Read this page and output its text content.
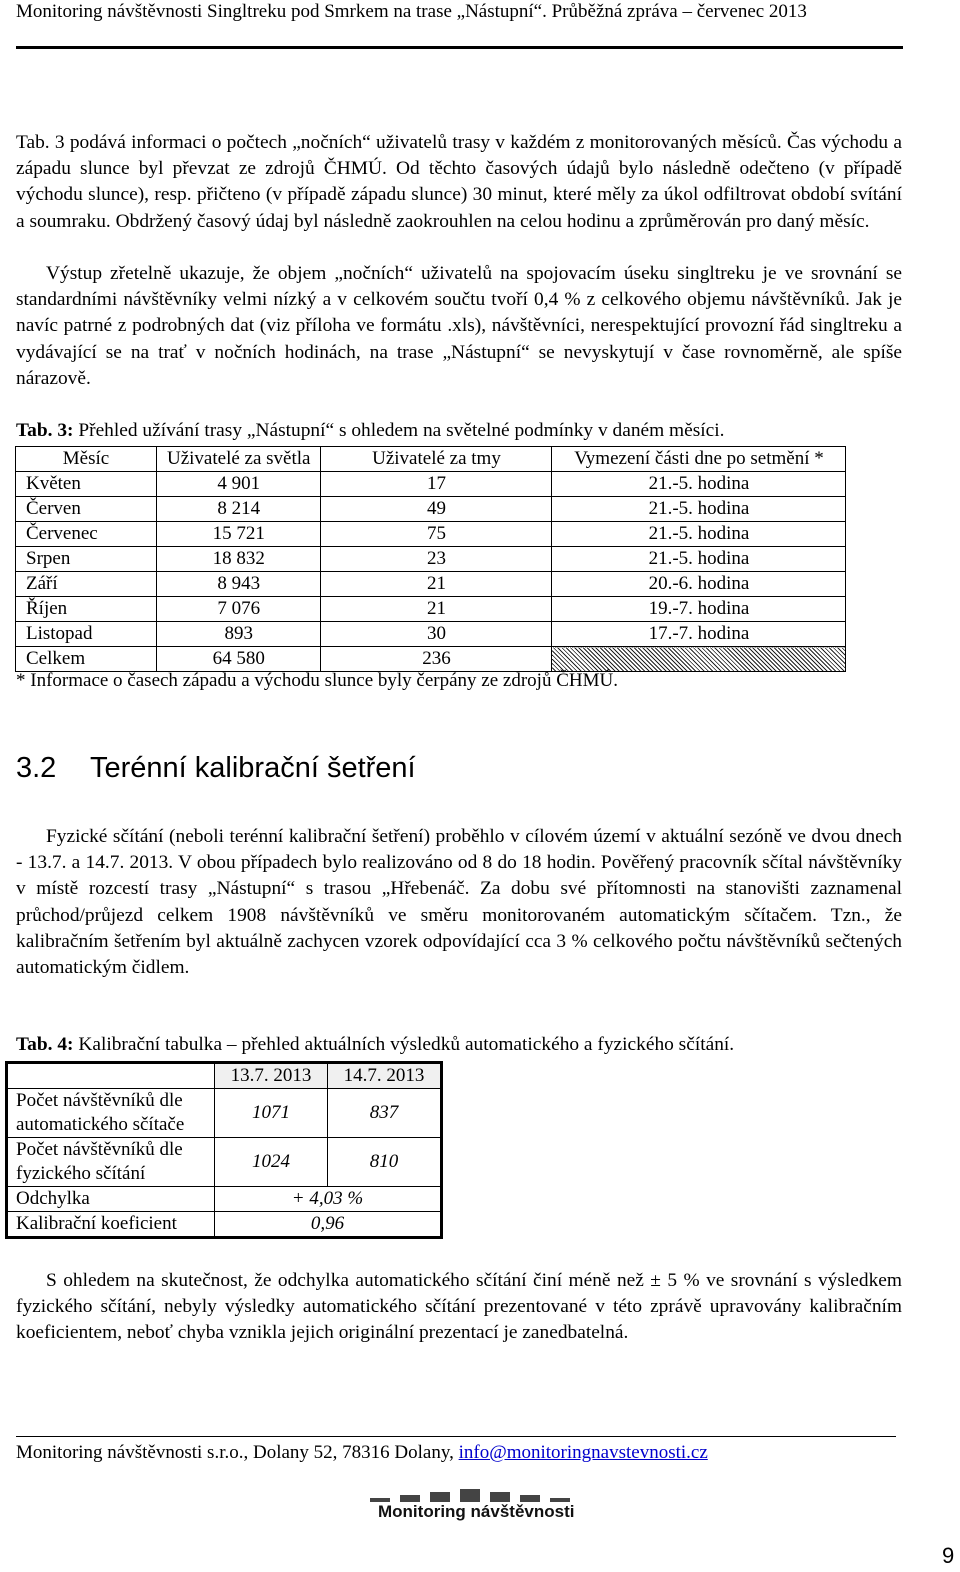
Monitoring návštěvnosti Singltreku pod Smrkem na trase „Nástupní“. Průběžná zpráva – červenec 2013
Tab. 3 podává informaci o počtech „nočních“ uživatelů trasy v každém z monitorovaných měsíců. Čas východu a západu slunce byl převzat ze zdrojů ČHMÚ. Od těchto časových údajů bylo následně odečteno (v případě východu slunce), resp. přičteno (v případě západu slunce) 30 minut, které měly za úkol odfiltrovat období svítání a soumraku. Obdržený časový údaj byl následně zaokrouhlen na celou hodinu a zprůměrován pro daný měsíc.
Výstup zřetelně ukazuje, že objem „nočních“ uživatelů na spojovacím úseku singltreku je ve srovnání se standardními návštěvníky velmi nízký a v celkovém součtu tvoří 0,4 % z celkového objemu návštěvníků. Jak je navíc patrné z podrobných dat (viz příloha ve formátu .xls), návštěvníci, nerespektující provozní řád singltreku a vydávající se na trať v nočních hodinách, na trase „Nástupní“ se nevyskytují v čase rovnoměrně, ale spíše nárazově.
Tab. 3: Přehled užívání trasy „Nástupní“ s ohledem na světelné podmínky v daném měsíci.
Měsíc	Uživatelé za světla	Uživatelé za tmy	Vymezení části dne po setmění *
Květen	4 901	17	21.-5. hodina
Červen	8 214	49	21.-5. hodina
Červenec	15 721	75	21.-5. hodina
Srpen	18 832	23	21.-5. hodina
Září	8 943	21	20.-6. hodina
Říjen	7 076	21	19.-7. hodina
Listopad	893	30	17.-7. hodina
Celkem	64 580	236	
* Informace o časech západu a východu slunce byly čerpány ze zdrojů ČHMÚ.
3.2 Terénní kalibrační šetření
Fyzické sčítání (neboli terénní kalibrační šetření) proběhlo v cílovém území v aktuální sezóně ve dvou dnech - 13.7. a 14.7. 2013. V obou případech bylo realizováno od 8 do 18 hodin. Pověřený pracovník sčítal návštěvníky v místě rozcestí trasy „Nástupní“ s trasou „Hřebenáč. Za dobu své přítomnosti na stanovišti zaznamenal průchod/průjezd celkem 1908 návštěvníků ve směru monitorovaném automatickým sčítačem. Tzn., že kalibračním šetřením byl aktuálně zachycen vzorek odpovídající cca 3 % celkového počtu návštěvníků sečtených automatickým čidlem.
Tab. 4: Kalibrační tabulka – přehled aktuálních výsledků automatického a fyzického sčítání.
	13.7. 2013	14.7. 2013
Počet návštěvníků dle automatického sčítače	1071	837
Počet návštěvníků dle fyzického sčítání	1024	810
Odchylka	+ 4,03 %	
Kalibrační koeficient	0,96	
S ohledem na skutečnost, že odchylka automatického sčítání činí méně než ± 5 % ve srovnání s výsledkem fyzického sčítání, nebyly výsledky automatického sčítání prezentované v této zprávě upravovány kalibračním koeficientem, neboť chyba vznikla jejich originální prezentací je zanedbatelná.
Monitoring návštěvnosti s.r.o., Dolany 52, 78316 Dolany, info@monitoringnavstevnosti.cz
Monitoring návštěvnosti
9
